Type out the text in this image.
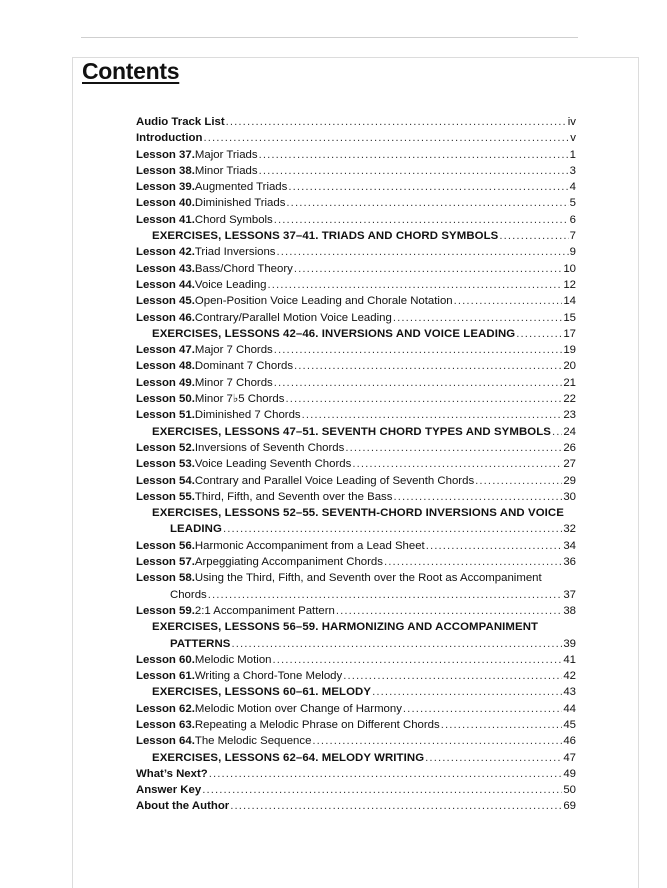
Contents
Audio Track List .....	iv
Introduction .....	v
Lesson 37. Major Triads .....	1
Lesson 38. Minor Triads .....	3
Lesson 39. Augmented Triads .....	4
Lesson 40. Diminished Triads .....	5
Lesson 41. Chord Symbols .....	6
EXERCISES, LESSONS 37–41. TRIADS AND CHORD SYMBOLS .....	7
Lesson 42. Triad Inversions .....	9
Lesson 43. Bass/Chord Theory .....	10
Lesson 44. Voice Leading .....	12
Lesson 45. Open-Position Voice Leading and Chorale Notation .....	14
Lesson 46. Contrary/Parallel Motion Voice Leading .....	15
EXERCISES, LESSONS 42–46. INVERSIONS AND VOICE LEADING .....	17
Lesson 47. Major 7 Chords .....	19
Lesson 48. Dominant 7 Chords .....	20
Lesson 49. Minor 7 Chords .....	21
Lesson 50. Minor 7♭5 Chords .....	22
Lesson 51. Diminished 7 Chords .....	23
EXERCISES, LESSONS 47–51. SEVENTH CHORD TYPES AND SYMBOLS ..... 24
Lesson 52. Inversions of Seventh Chords .....	26
Lesson 53. Voice Leading Seventh Chords .....	27
Lesson 54. Contrary and Parallel Voice Leading of Seventh Chords .....	29
Lesson 55. Third, Fifth, and Seventh over the Bass .....	30
EXERCISES, LESSONS 52–55. SEVENTH-CHORD INVERSIONS AND VOICE
LEADING .....	32
Lesson 56. Harmonic Accompaniment from a Lead Sheet .....	34
Lesson 57. Arpeggiating Accompaniment Chords .....	36
Lesson 58. Using the Third, Fifth, and Seventh over the Root as Accompaniment
Chords .....	37
Lesson 59. 2:1 Accompaniment Pattern .....	38
EXERCISES, LESSONS 56–59. HARMONIZING AND ACCOMPANIMENT
PATTERNS .....	39
Lesson 60. Melodic Motion .....	41
Lesson 61. Writing a Chord-Tone Melody .....	42
EXERCISES, LESSONS 60–61. MELODY .....	43
Lesson 62. Melodic Motion over Change of Harmony .....	44
Lesson 63. Repeating a Melodic Phrase on Different Chords .....	45
Lesson 64. The Melodic Sequence .....	46
EXERCISES, LESSONS 62–64. MELODY WRITING .....	47
What’s Next? .....	49
Answer Key .....	50
About the Author .....	69
